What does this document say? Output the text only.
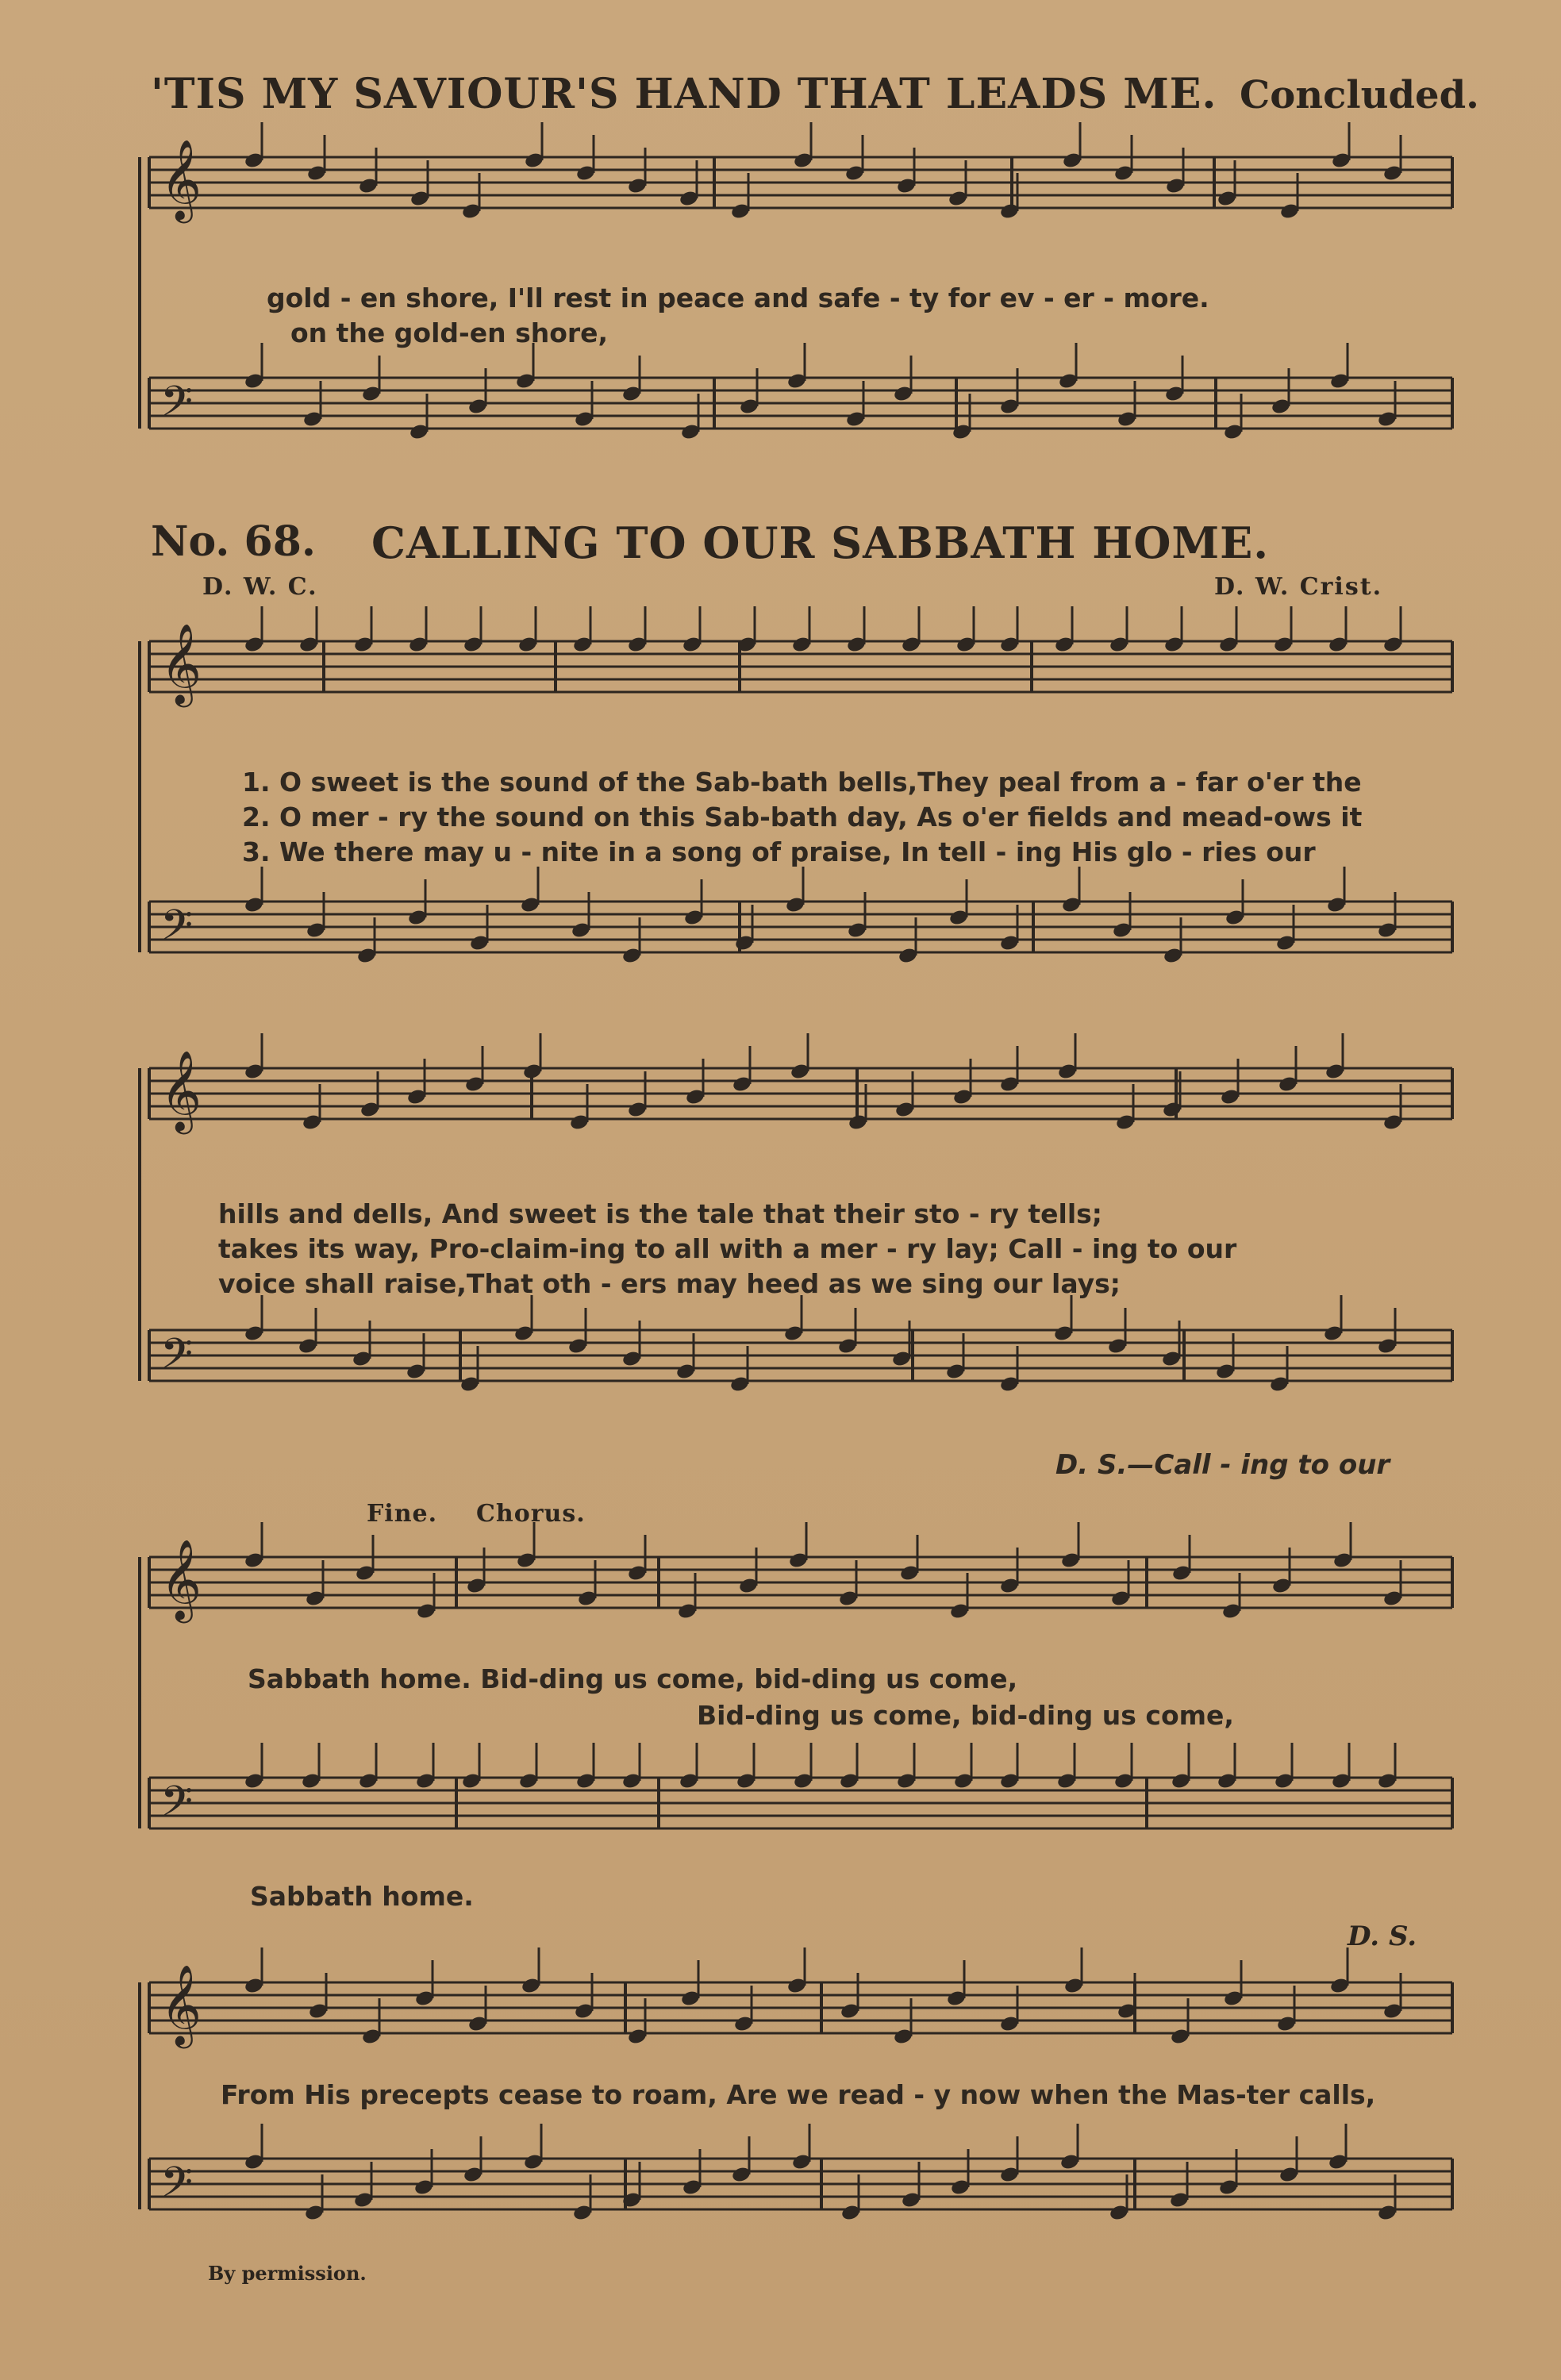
'TIS MY SAVIOUR'S HAND THAT LEADS ME. Concluded.
No. 68. CALLING TO OUR SABBATH HOME.
D. W. C.	D. W. Crist.
gold - en shore, I'll rest in peace and safe - ty for ev - er - more.
on the gold-en shore,
1. O sweet is the sound of the Sab-bath bells,They peal from a - far o'er the
2. O mer - ry the sound on this Sab-bath day, As o'er fields and mead-ows it
3. We there may u - nite in a song of praise, In tell - ing His glo - ries our
hills and dells, And sweet is the tale that their sto - ry tells;
takes its way, Pro-claim-ing to all with a mer - ry lay; Call - ing to our
voice shall raise,That oth - ers may heed as we sing our lays;
D. S.—Call - ing to our
Fine. Chorus.
Sabbath home. Bid-ding us come, bid-ding us come,
Bid-ding us come, bid-ding us come,
Sabbath home.
D. S.
From His precepts cease to roam, Are we read - y now when the Mas-ter calls,
By permission.
𝄞
𝄢
𝄞
𝄢
𝄞
𝄢
𝄞
𝄢
𝄞
𝄢
